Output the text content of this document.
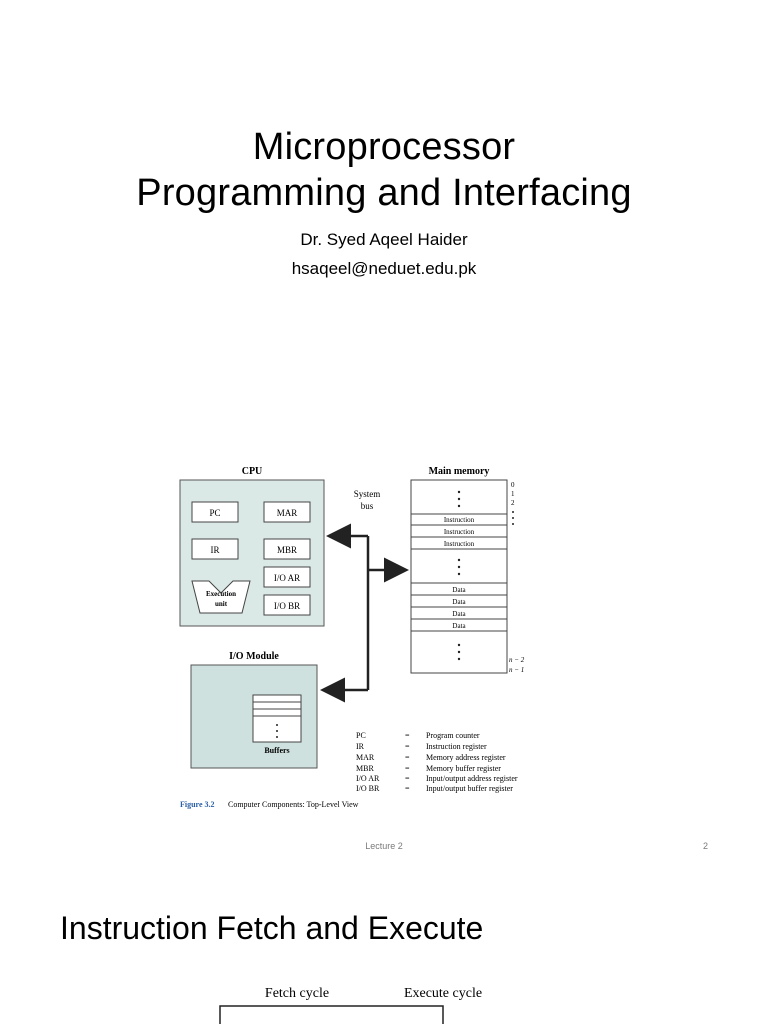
Microprocessor
Programming and Interfacing
Dr. Syed Aqeel Haider
hsaqeel@neduet.edu.pk
CPU
PC	MAR
IR	MBR
I/O AR
I/O BR
Execution
unit
System
bus
Main memory
Instruction
Instruction
Instruction
Data
Data
Data
Data
0
1
2
n − 2
n − 1
I/O Module
Buffers
PC	= Program counter
IR	= Instruction register
MAR	= Memory address register
MBR	= Memory buffer register
I/O AR	= Input/output address register
I/O BR	= Input/output buffer register
Figure 3.2 Computer Components: Top-Level View
Lecture 2	2
Instruction Fetch and Execute
Fetch cycle	Execute cycle
